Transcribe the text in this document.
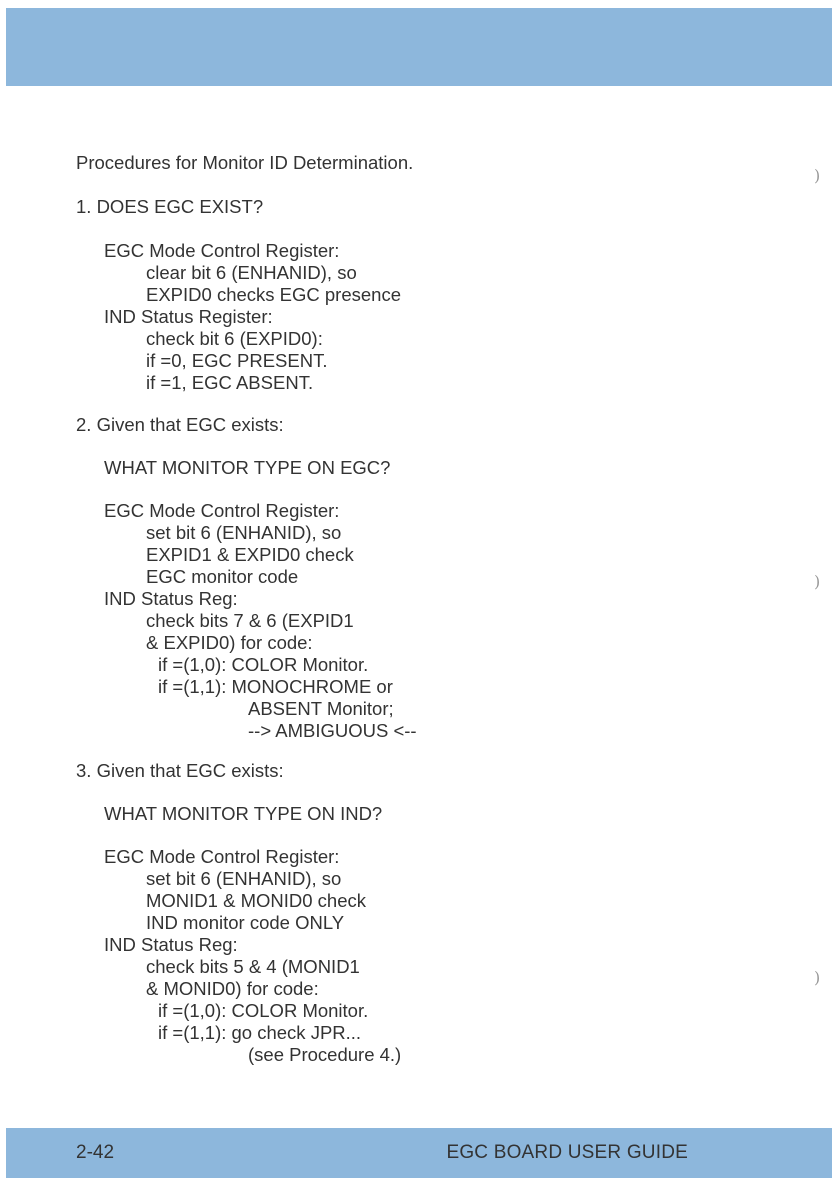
Procedures for Monitor ID Determination.
1. DOES EGC EXIST?
EGC Mode Control Register:
clear bit 6 (ENHANID), so
EXPID0 checks EGC presence
IND Status Register:
check bit 6 (EXPID0):
if =0, EGC PRESENT.
if =1, EGC ABSENT.
2. Given that EGC exists:
WHAT MONITOR TYPE ON EGC?
EGC Mode Control Register:
set bit 6 (ENHANID), so
EXPID1 & EXPID0 check
EGC monitor code
IND Status Reg:
check bits 7 & 6 (EXPID1
& EXPID0) for code:
if =(1,0): COLOR Monitor.
if =(1,1): MONOCHROME or
ABSENT Monitor;
--> AMBIGUOUS <--
3. Given that EGC exists:
WHAT MONITOR TYPE ON IND?
EGC Mode Control Register:
set bit 6 (ENHANID), so
MONID1 & MONID0 check
IND monitor code ONLY
IND Status Reg:
check bits 5 & 4 (MONID1
& MONID0) for code:
if =(1,0): COLOR Monitor.
if =(1,1): go check JPR...
(see Procedure 4.)
)
)
)
2-42	EGC BOARD USER GUIDE
